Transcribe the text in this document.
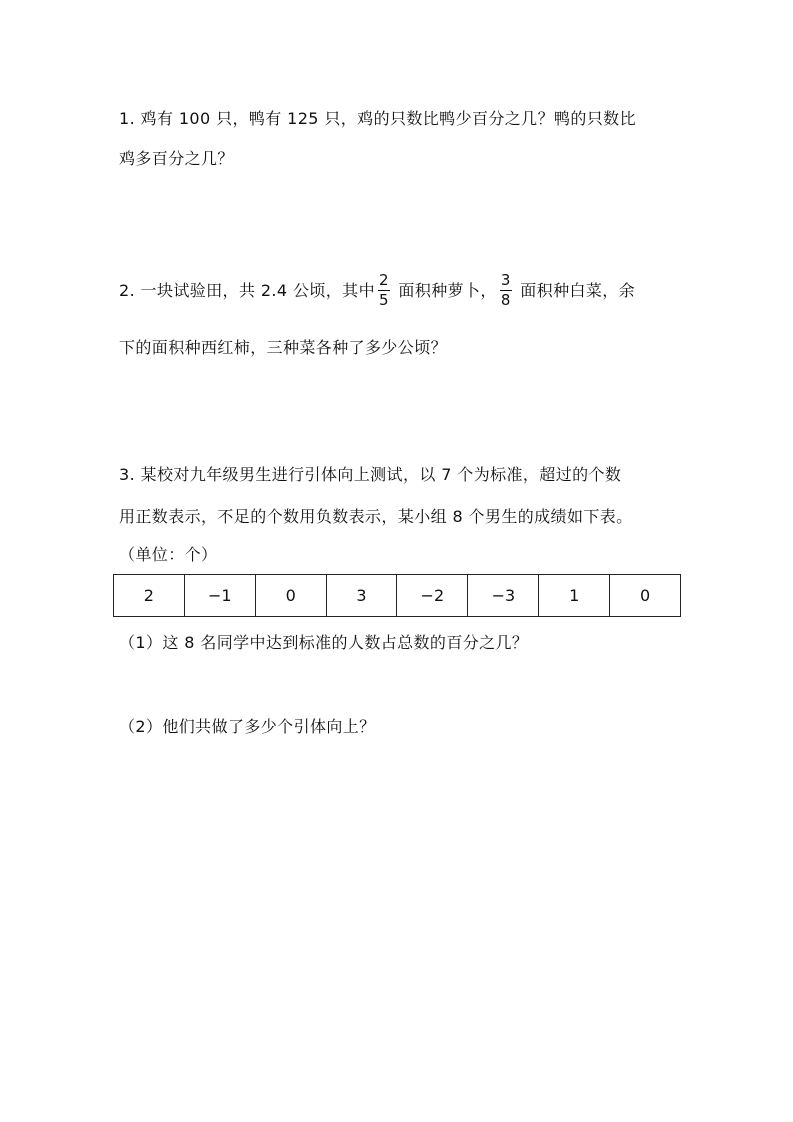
1. 鸡有 100 只，鸭有 125 只，鸡的只数比鸭少百分之几？鸭的只数比
鸡多百分之几？
2. 一块试验田，共 2.4 公顷，其中 $\frac{2}{5}$ 面积种萝卜， $\frac{3}{8}$ 面积种白菜，余
下的面积种西红柿，三种菜各种了多少公顷？
3. 某校对九年级男生进行引体向上测试，以 7 个为标准，超过的个数
用正数表示，不足的个数用负数表示，某小组 8 个男生的成绩如下表。
（单位：个）
2	−1	0	3	−2	−3	1	0
（1）这 8 名同学中达到标准的人数占总数的百分之几？
（2）他们共做了多少个引体向上？
